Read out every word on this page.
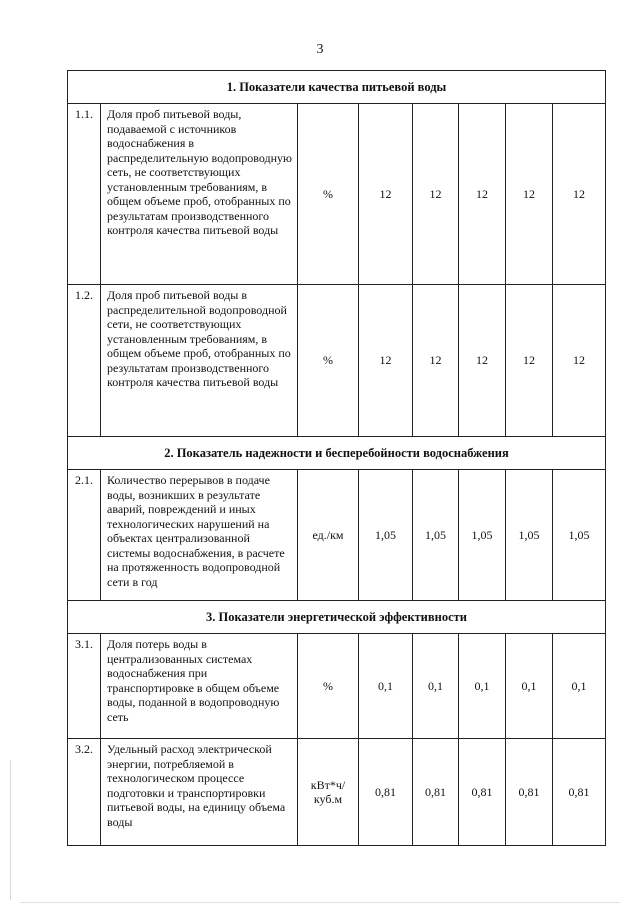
3
1. Показатели качества питьевой воды							
1.1.	Доля проб питьевой воды, подаваемой с источников водоснабжения в распределительную водопроводную сеть, не соответствующих установленным требованиям, в общем объеме проб, отобранных по результатам производственного контроля качества питьевой воды	%	12	12	12	12	12
1.2.	Доля проб питьевой воды в распределительной водопроводной сети, не соответствующих установленным требованиям, в общем объеме проб, отобранных по результатам производственного контроля качества питьевой воды	%	12	12	12	12	12
2. Показатель надежности и бесперебойности водоснабжения							
2.1.	Количество перерывов в подаче воды, возникших в результате аварий, повреждений и иных технологических нарушений на объектах централизованной системы водоснабжения, в расчете на протяженность водопроводной сети в год	ед./км	1,05	1,05	1,05	1,05	1,05
3. Показатели энергетической эффективности							
3.1.	Доля потерь воды в централизованных системах водоснабжения при транспортировке в общем объеме воды, поданной в водопроводную сеть	%	0,1	0,1	0,1	0,1	0,1
3.2.	Удельный расход электрической энергии, потребляемой в технологическом процессе подготовки и транспортировки питьевой воды, на единицу объема воды	кВт*ч/ куб.м	0,81	0,81	0,81	0,81	0,81
